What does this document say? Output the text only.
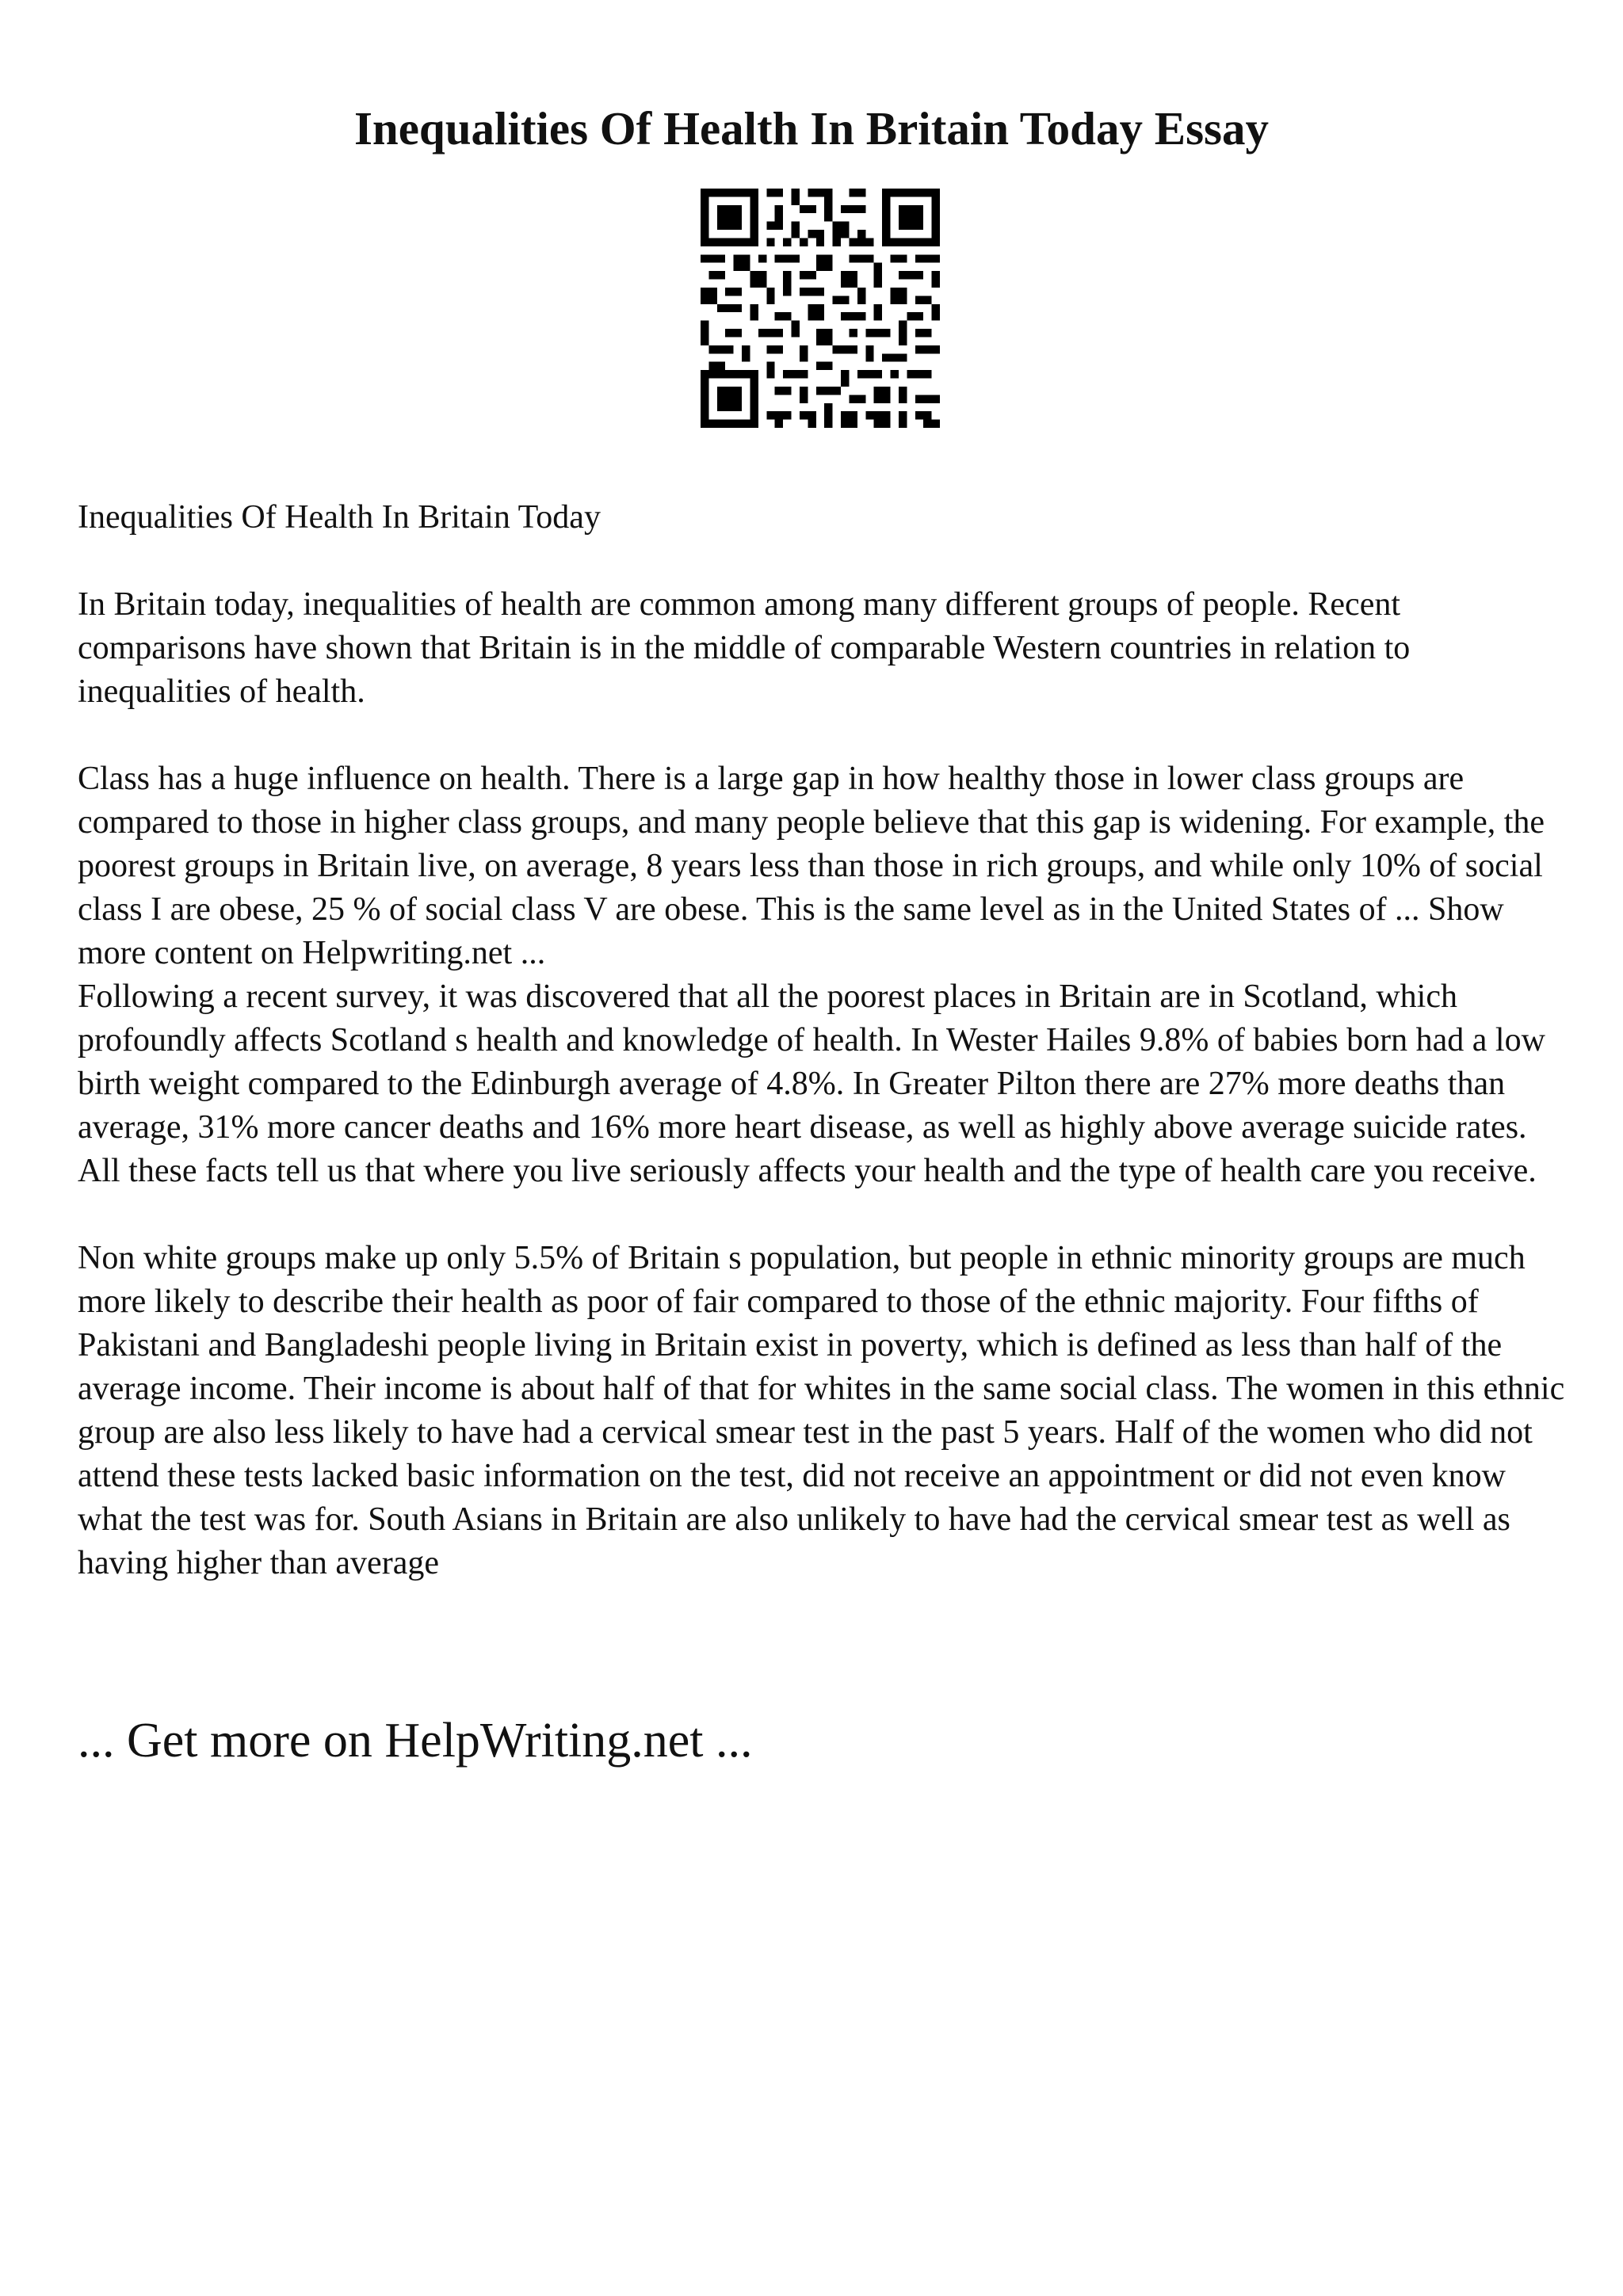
Inequalities Of Health In Britain Today Essay

Inequalities Of Health In Britain Today

In Britain today, inequalities of health are common among many different groups of people. Recent comparisons have shown that Britain is in the middle of comparable Western countries in relation to inequalities of health.

Class has a huge influence on health. There is a large gap in how healthy those in lower class groups are compared to those in higher class groups, and many people believe that this gap is widening. For example, the poorest groups in Britain live, on average, 8 years less than those in rich groups, and while only 10% of social class I are obese, 25 % of social class V are obese. This is the same level as in the United States of ... Show more content on Helpwriting.net ...

Following a recent survey, it was discovered that all the poorest places in Britain are in Scotland, which profoundly affects Scotland s health and knowledge of health. In Wester Hailes 9.8% of babies born had a low birth weight compared to the Edinburgh average of 4.8%. In Greater Pilton there are 27% more deaths than average, 31% more cancer deaths and 16% more heart disease, as well as highly above average suicide rates. All these facts tell us that where you live seriously affects your health and the type of health care you receive.

Non white groups make up only 5.5% of Britain s population, but people in ethnic minority groups are much more likely to describe their health as poor of fair compared to those of the ethnic majority. Four fifths of Pakistani and Bangladeshi people living in Britain exist in poverty, which is defined as less than half of the average income. Their income is about half of that for whites in the same social class. The women in this ethnic group are also less likely to have had a cervical smear test in the past 5 years. Half of the women who did not attend these tests lacked basic information on the test, did not receive an appointment or did not even know what the test was for. South Asians in Britain are also unlikely to have had the cervical smear test as well as having higher than average

... Get more on HelpWriting.net ...
